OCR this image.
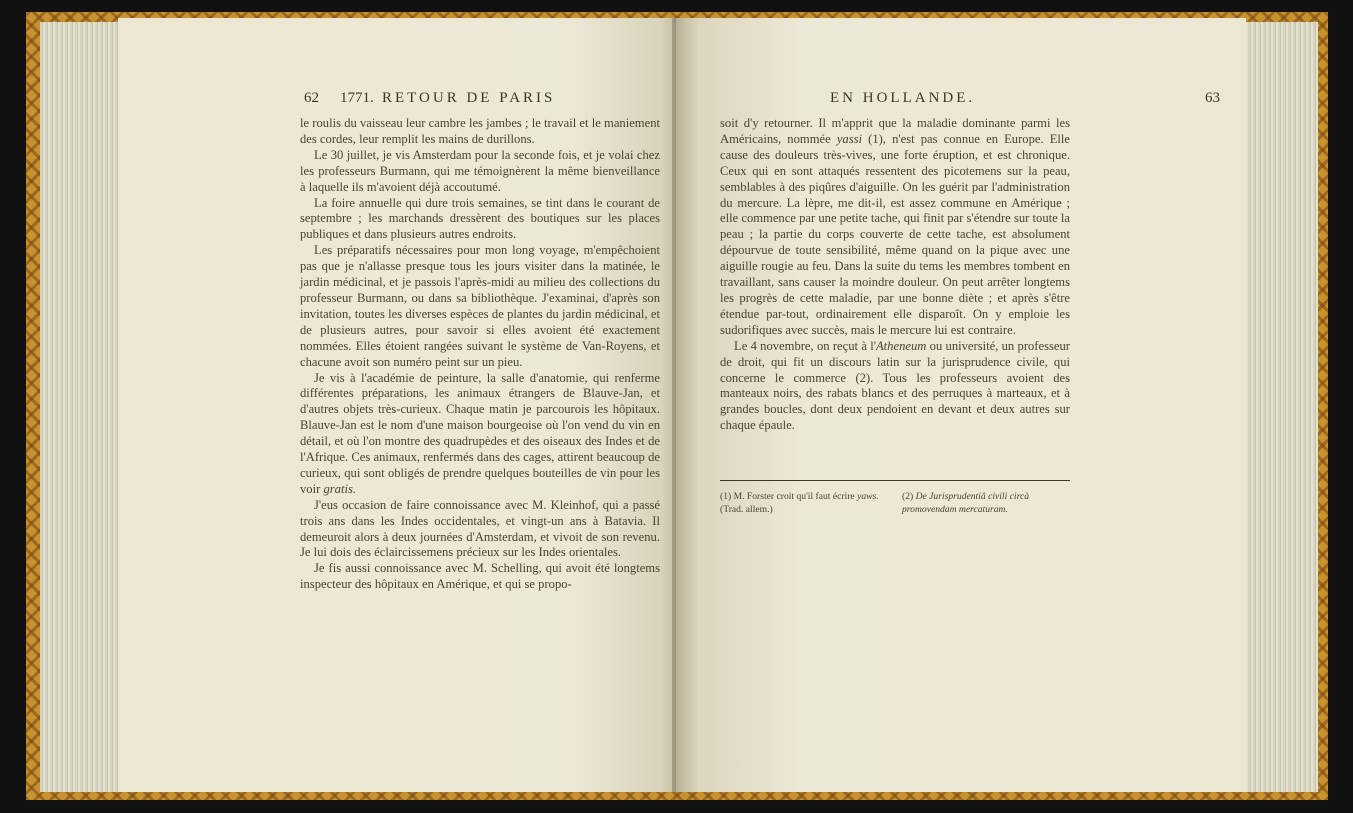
62 1771. RETOUR DE PARIS

le roulis du vaisseau leur cambre les jambes ; le travail et le maniement des cordes, leur remplit les mains de durillons.

Le 30 juillet, je vis Amsterdam pour la seconde fois, et je volai chez les professeurs Burmann, qui me témoignèrent la même bienveillance à laquelle ils m'avoient déjà accoutumé.

La foire annuelle qui dure trois semaines, se tint dans le courant de septembre ; les marchands dressèrent des boutiques sur les places publiques et dans plusieurs autres endroits.

Les préparatifs nécessaires pour mon long voyage, m'empêchoient pas que je n'allasse presque tous les jours visiter dans la matinée, le jardin médicinal, et je passois l'après-midi au milieu des collections du professeur Burmann, ou dans sa bibliothèque. J'examinai, d'après son invitation, toutes les diverses espèces de plantes du jardin médicinal, et de plusieurs autres, pour savoir si elles avoient été exactement nommées. Elles étoient rangées suivant le système de Van-Royens, et chacune avoit son numéro peint sur un pieu.

Je vis à l'académie de peinture, la salle d'anatomie, qui renferme différentes préparations, les animaux étrangers de Blauve-Jan, et d'autres objets très-curieux. Chaque matin je parcourois les hôpitaux. Blauve-Jan est le nom d'une maison bourgeoise où l'on vend du vin en détail, et où l'on montre des quadrupèdes et des oiseaux des Indes et de l'Afrique. Ces animaux, renfermés dans des cages, attirent beaucoup de curieux, qui sont obligés de prendre quelques bouteilles de vin pour les voir gratis.

J'eus occasion de faire connoissance avec M. Kleinhof, qui a passé trois ans dans les Indes occidentales, et vingt-un ans à Batavia. Il demeuroit alors à deux journées d'Amsterdam, et vivoit de son revenu. Je lui dois des éclaircissemens précieux sur les Indes orientales.

Je fis aussi connoissance avec M. Schelling, qui avoit été longtems inspecteur des hôpitaux en Amérique, et qui se propo-

EN HOLLANDE.	63

soit d'y retourner. Il m'apprit que la maladie dominante parmi les Américains, nommée yassi (1), n'est pas connue en Europe. Elle cause des douleurs très-vives, une forte éruption, et est chronique. Ceux qui en sont attaqués ressentent des picotemens sur la peau, semblables à des piqûres d'aiguille. On les guérit par l'administration du mercure. La lèpre, me dit-il, est assez commune en Amérique ; elle commence par une petite tache, qui finit par s'étendre sur toute la peau ; la partie du corps couverte de cette tache, est absolument dépourvue de toute sensibilité, même quand on la pique avec une aiguille rougie au feu. Dans la suite du tems les membres tombent en travaillant, sans causer la moindre douleur. On peut arrêter longtems les progrès de cette maladie, par une bonne diète ; et après s'être étendue par-tout, ordinairement elle disparoît. On y emploie les sudorifiques avec succès, mais le mercure lui est contraire.

Le 4 novembre, on reçut à l'Atheneum ou université, un professeur de droit, qui fit un discours latin sur la jurisprudence civile, qui concerne le commerce (2). Tous les professeurs avoient des manteaux noirs, des rabats blancs et des perruques à marteaux, et à grandes boucles, dont deux pendoient en devant et deux autres sur chaque épaule.

(1) M. Forster croit qu'il faut écrire yaws. (Trad. allem.)
(2) De Jurisprudentiâ civili circà promovendam mercaturam.
